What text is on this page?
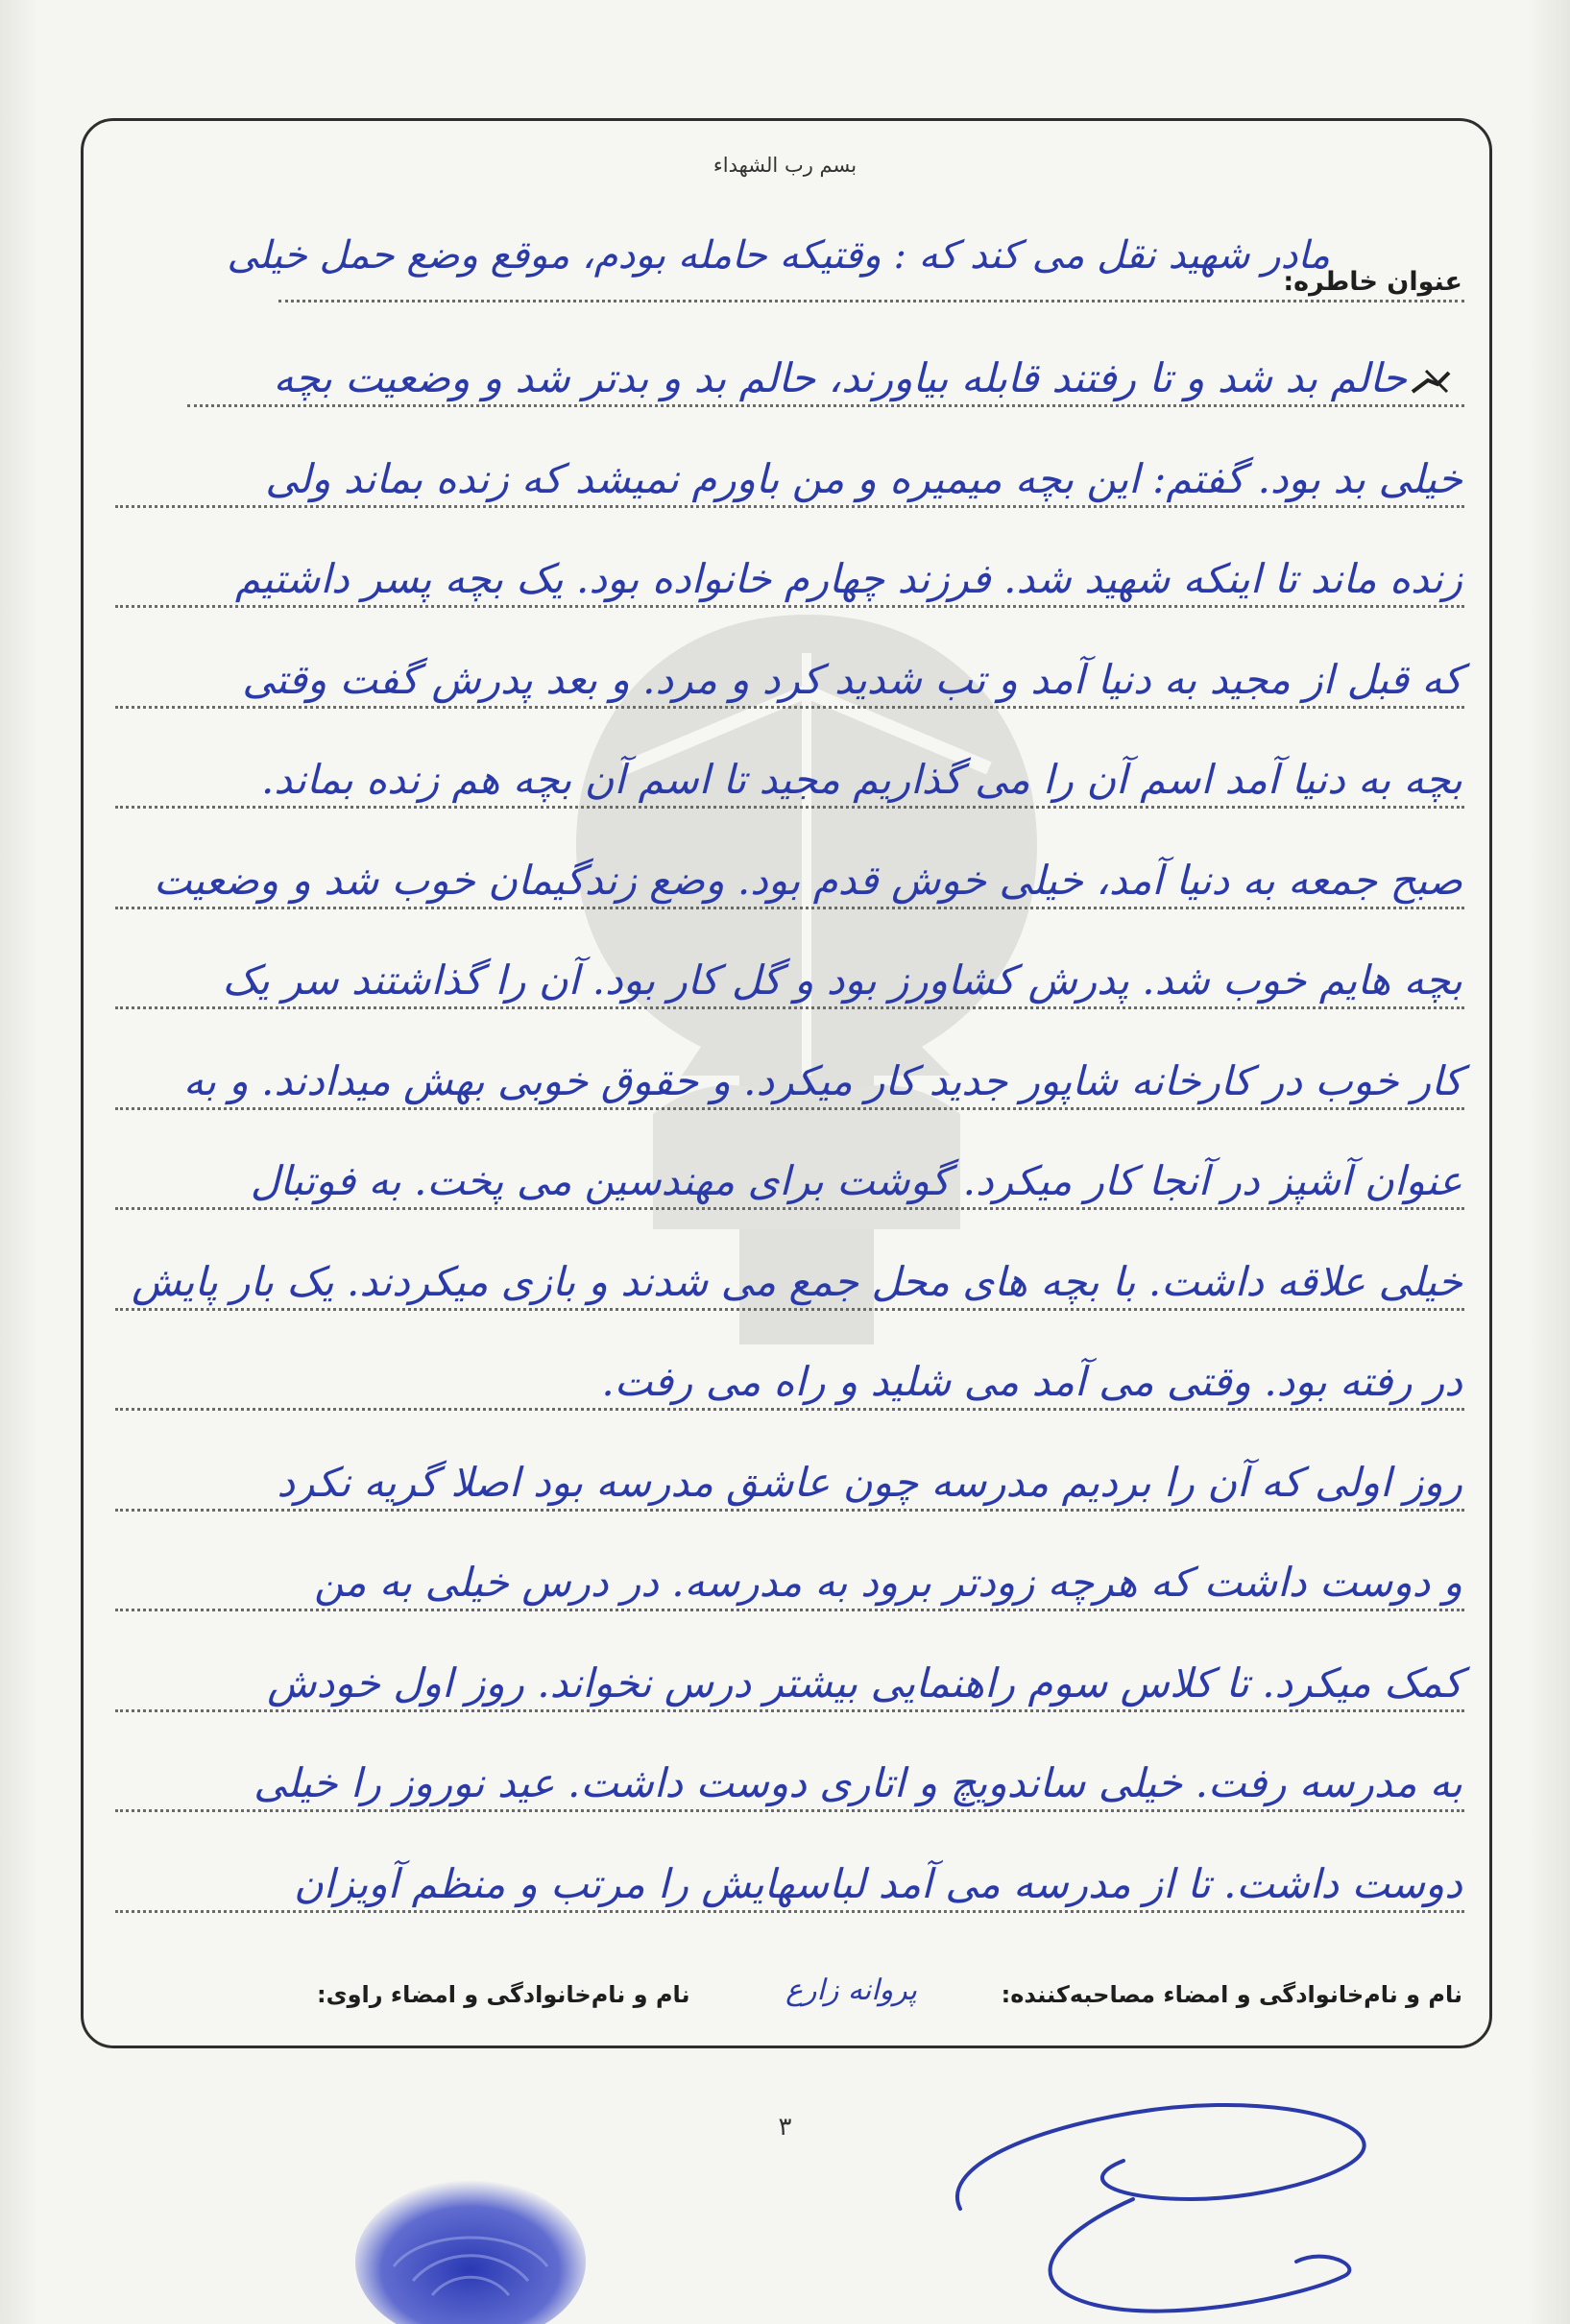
بسم رب الشهداء
عنوان خاطره:
مادر شهید نقل می کند که : وقتیکه حامله بودم، موقع وضع حمل خیلی
حالم بد شد و تا رفتند قابله بیاورند، حالم بد و بدتر شد و وضعیت بچه
خیلی بد بود. گفتم: این بچه میمیره و من باورم نمیشد که زنده بماند ولی
زنده ماند تا اینکه شهید شد. فرزند چهارم خانواده بود. یک بچه پسر داشتیم
که قبل از مجید به دنیا آمد و تب شدید کرد و مرد. و بعد پدرش گفت وقتی
بچه به دنیا آمد اسم آن را می گذاریم مجید تا اسم آن بچه هم زنده بماند.
صبح جمعه به دنیا آمد، خیلی خوش قدم بود. وضع زندگیمان خوب شد و وضعیت
بچه هایم خوب شد. پدرش کشاورز بود و گل کار بود. آن را گذاشتند سر یک
کار خوب در کارخانه شاپور جدید کار میکرد. و حقوق خوبی بهش میدادند. و به
عنوان آشپز در آنجا کار میکرد. گوشت برای مهندسین می پخت. به فوتبال
خیلی علاقه داشت. با بچه های محل جمع می شدند و بازی میکردند. یک بار پایش
در رفته بود. وقتی می آمد می شلید و راه می رفت.
روز اولی که آن را بردیم مدرسه چون عاشق مدرسه بود اصلا گریه نکرد
و دوست داشت که هرچه زودتر برود به مدرسه. در درس خیلی به من
کمک میکرد. تا کلاس سوم راهنمایی بیشتر درس نخواند. روز اول خودش
به مدرسه رفت. خیلی ساندویچ و اتاری دوست داشت. عید نوروز را خیلی
دوست داشت. تا از مدرسه می آمد لباسهایش را مرتب و منظم آویزان
نام و نام‌خانوادگی و امضاء مصاحبه‌کننده:
پروانه زارع
نام و نام‌خانوادگی و امضاء راوی:
۳
